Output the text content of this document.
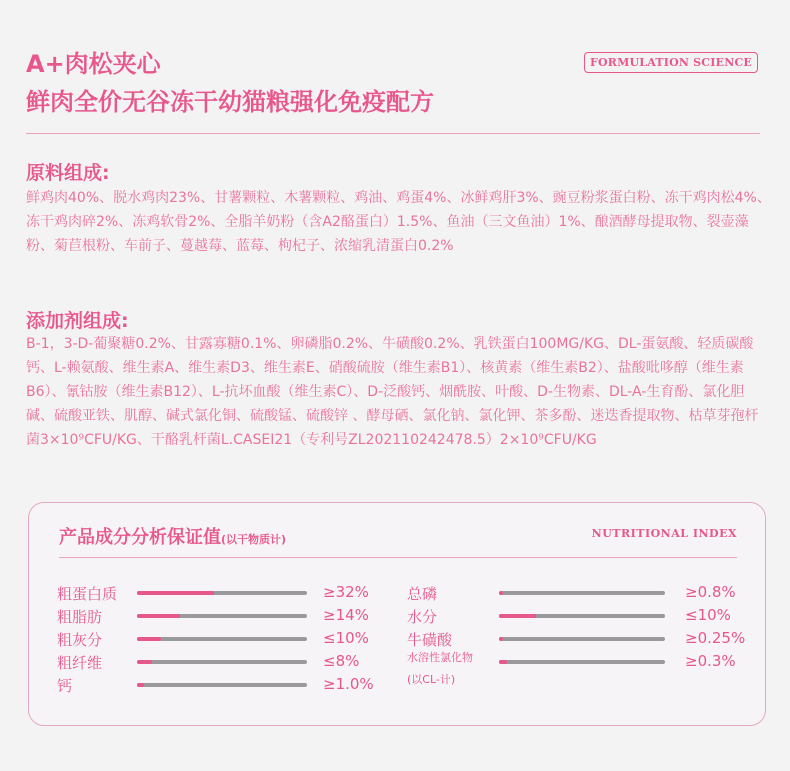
A+肉松夹心
鲜肉全价无谷冻干幼猫粮强化免疫配方
FORMULATION SCIENCE
原料组成:
鲜鸡肉40%、脱水鸡肉23%、甘薯颗粒、木薯颗粒、鸡油、鸡蛋4%、冰鲜鸡肝3%、豌豆粉浆蛋白粉、冻干鸡肉松4%、冻干鸡肉碎2%、冻鸡软骨2%、全脂羊奶粉（含A2酪蛋白）1.5%、鱼油（三文鱼油）1%、酿酒酵母提取物、裂壶藻粉、菊苣根粉、车前子、蔓越莓、蓝莓、枸杞子、浓缩乳清蛋白0.2%
添加剂组成:
B-1，3-D-葡聚糖0.2%、甘露寡糖0.1%、卵磷脂0.2%、牛磺酸0.2%、乳铁蛋白100MG/KG、DL-蛋氨酸、轻质碳酸钙、L-赖氨酸、维生素A、维生素D3、维生素E、硝酸硫胺（维生素B1）、核黄素（维生素B2）、盐酸吡哆醇（维生素B6）、氰钴胺（维生素B12）、L-抗坏血酸（维生素C）、D-泛酸钙、烟酰胺、叶酸、D-生物素、DL-A-生育酚、氯化胆碱、硫酸亚铁、肌醇、碱式氯化铜、硫酸锰、硫酸锌 、酵母硒、氯化钠、氯化钾、茶多酚、迷迭香提取物、枯草芽孢杆菌3×10⁹CFU/KG、干酪乳杆菌L.CASEI21（专利号ZL202110242478.5）2×10⁹CFU/KG
产品成分分析保证值(以干物质计)	NUTRITIONAL INDEX
粗蛋白质	≥32%
粗脂肪	≥14%
粗灰分	≤10%
粗纤维	≤8%
钙	≥1.0%
总磷	≥0.8%
水分	≤10%
牛磺酸	≥0.25%
水溶性氯化物
(以CL-计)
≥0.3%
